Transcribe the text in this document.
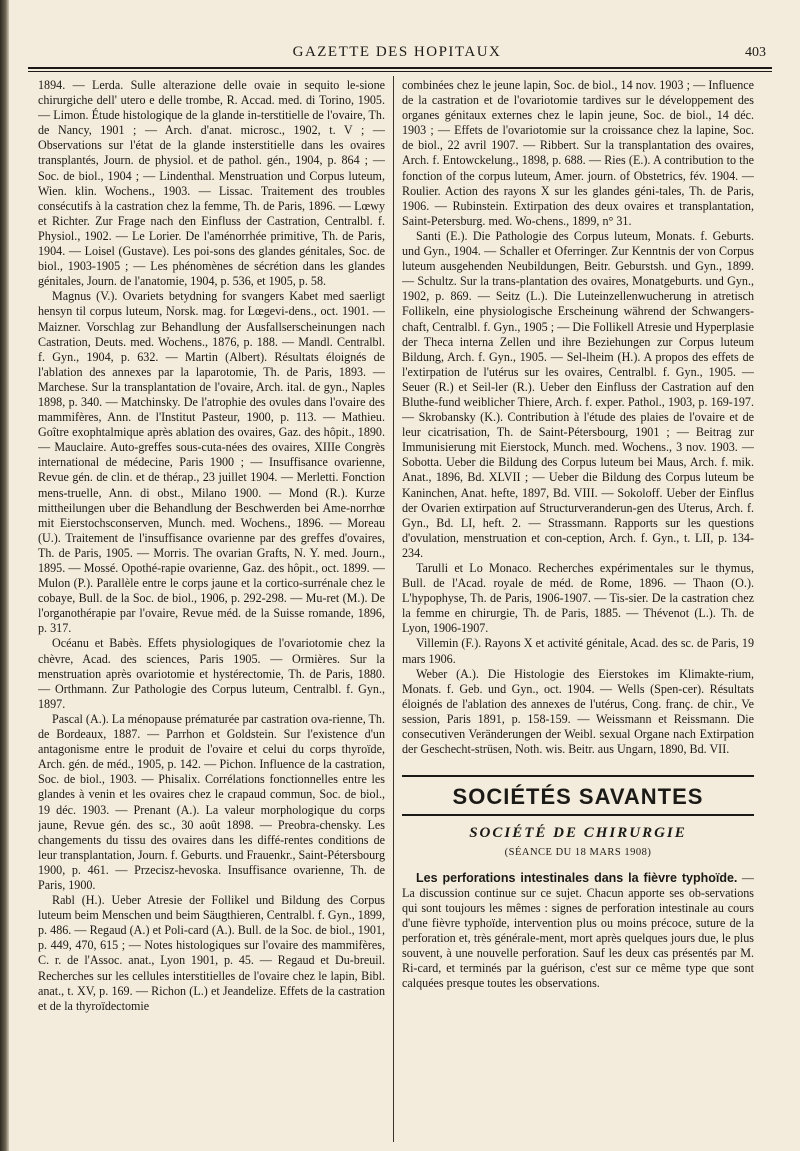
GAZETTE DES HOPITAUX	403

1894. — Lerda. Sulle alterazione delle ovaie in sequito le-sione chirurgiche dell' utero e delle trombe, R. Accad. med. di Torino, 1905. — Limon. Étude histologique de la glande in-terstitielle de l'ovaire, Th. de Nancy, 1901 ; — Arch. d'anat. microsc., 1902, t. V ; — Observations sur l'état de la glande insterstitielle dans les ovaires transplantés, Journ. de physiol. et de pathol. gén., 1904, p. 864 ; — Soc. de biol., 1904 ; — Lindenthal. Menstruation und Corpus luteum, Wien. klin. Wochens., 1903. — Lissac. Traitement des troubles consécutifs à la castration chez la femme, Th. de Paris, 1896. — Lœwy et Richter. Zur Frage nach den Einfluss der Castration, Centralbl. f. Physiol., 1902. — Le Lorier. De l'aménorrhée primitive, Th. de Paris, 1904. — Loisel (Gustave). Les poi-sons des glandes génitales, Soc. de biol., 1903-1905 ; — Les phénomènes de sécrétion dans les glandes génitales, Journ. de l'anatomie, 1904, p. 536, et 1905, p. 58.

Magnus (V.). Ovariets betydning for svangers Kabet med saerligt hensyn til corpus luteum, Norsk. mag. for Lœgevi-dens., oct. 1901. — Maizner. Vorschlag zur Behandlung der Ausfallserscheinungen nach Castration, Deuts. med. Wochens., 1876, p. 188. — Mandl. Centralbl. f. Gyn., 1904, p. 632. — Martin (Albert). Résultats éloignés de l'ablation des annexes par la laparotomie, Th. de Paris, 1893. — Marchese. Sur la transplantation de l'ovaire, Arch. ital. de gyn., Naples 1898, p. 340. — Matchinsky. De l'atrophie des ovules dans l'ovaire des mammifères, Ann. de l'Institut Pasteur, 1900, p. 113. — Mathieu. Goître exophtalmique après ablation des ovaires, Gaz. des hôpit., 1890. — Mauclaire. Auto-greffes sous-cuta-nées des ovaires, XIIIe Congrès international de médecine, Paris 1900 ; — Insuffisance ovarienne, Revue gén. de clin. et de thérap., 23 juillet 1904. — Merletti. Fonction mens-truelle, Ann. di obst., Milano 1900. — Mond (R.). Kurze mittheilungen uber die Behandlung der Beschwerden bei Ame-norrhœ mit Eierstochsconserven, Munch. med. Wochens., 1896. — Moreau (U.). Traitement de l'insuffisance ovarienne par des greffes d'ovaires, Th. de Paris, 1905. — Morris. The ovarian Grafts, N. Y. med. Journ., 1895. — Mossé. Opothé-rapie ovarienne, Gaz. des hôpit., oct. 1899. — Mulon (P.). Parallèle entre le corps jaune et la cortico-surrénale chez le cobaye, Bull. de la Soc. de biol., 1906, p. 292-298. — Mu-ret (M.). De l'organothérapie par l'ovaire, Revue méd. de la Suisse romande, 1896, p. 317.

Océanu et Babès. Effets physiologiques de l'ovariotomie chez la chèvre, Acad. des sciences, Paris 1905. — Ormières. Sur la menstruation après ovariotomie et hystérectomie, Th. de Paris, 1880. — Orthmann. Zur Pathologie des Corpus luteum, Centralbl. f. Gyn., 1897.

Pascal (A.). La ménopause prématurée par castration ova-rienne, Th. de Bordeaux, 1887. — Parrhon et Goldstein. Sur l'existence d'un antagonisme entre le produit de l'ovaire et celui du corps thyroïde, Arch. gén. de méd., 1905, p. 142. — Pichon. Influence de la castration, Soc. de biol., 1903. — Phisalix. Corrélations fonctionnelles entre les glandes à venin et les ovaires chez le crapaud commun, Soc. de biol., 19 déc. 1903. — Prenant (A.). La valeur morphologique du corps jaune, Revue gén. des sc., 30 août 1898. — Preobra-chensky. Les changements du tissu des ovaires dans les diffé-rentes conditions de leur transplantation, Journ. f. Geburts. und Frauenkr., Saint-Pétersbourg 1900, p. 461. — Przecisz-hevoska. Insuffisance ovarienne, Th. de Paris, 1900.

Rabl (H.). Ueber Atresie der Follikel und Bildung des Corpus luteum beim Menschen und beim Säugthieren, Centralbl. f. Gyn., 1899, p. 486. — Regaud (A.) et Poli-card (A.). Bull. de la Soc. de biol., 1901, p. 449, 470, 615 ; — Notes histologiques sur l'ovaire des mammifères, C. r. de l'Assoc. anat., Lyon 1901, p. 45. — Regaud et Du-breuil. Recherches sur les cellules interstitielles de l'ovaire chez le lapin, Bibl. anat., t. XV, p. 169. — Richon (L.) et Jeandelize. Effets de la castration et de la thyroïdectomie

combinées chez le jeune lapin, Soc. de biol., 14 nov. 1903 ; — Influence de la castration et de l'ovariotomie tardives sur le développement des organes génitaux externes chez le lapin jeune, Soc. de biol., 14 déc. 1903 ; — Effets de l'ovariotomie sur la croissance chez la lapine, Soc. de biol., 22 avril 1907. — Ribbert. Sur la transplantation des ovaires, Arch. f. Entowckelung., 1898, p. 688. — Ries (E.). A contribution to the fonction of the corpus luteum, Amer. journ. of Obstetrics, fév. 1904. — Roulier. Action des rayons X sur les glandes géni-tales, Th. de Paris, 1906. — Rubinstein. Extirpation des deux ovaires et transplantation, Saint-Petersburg. med. Wo-chens., 1899, n° 31.

Santi (E.). Die Pathologie des Corpus luteum, Monats. f. Geburts. und Gyn., 1904. — Schaller et Oferringer. Zur Kenntnis der von Corpus luteum ausgehenden Neubildungen, Beitr. Geburstsh. und Gyn., 1899. — Schultz. Sur la trans-plantation des ovaires, Monatgeburts. und Gyn., 1902, p. 869. — Seitz (L.). Die Luteinzellenwucherung in atretisch Follikeln, eine physiologische Erscheinung während der Schwangers-chaft, Centralbl. f. Gyn., 1905 ; — Die Follikell Atresie und Hyperplasie der Theca interna Zellen und ihre Beziehungen zur Corpus luteum Bildung, Arch. f. Gyn., 1905. — Sel-lheim (H.). A propos des effets de l'extirpation de l'utérus sur les ovaires, Centralbl. f. Gyn., 1905. — Seuer (R.) et Seil-ler (R.). Ueber den Einfluss der Castration auf den Bluthe-fund weiblicher Thiere, Arch. f. exper. Pathol., 1903, p. 169-197. — Skrobansky (K.). Contribution à l'étude des plaies de l'ovaire et de leur cicatrisation, Th. de Saint-Pétersbourg, 1901 ; — Beitrag zur Immunisierung mit Eierstock, Munch. med. Wochens., 3 nov. 1903. — Sobotta. Ueber die Bildung des Corpus luteum bei Maus, Arch. f. mik. Anat., 1896, Bd. XLVII ; — Ueber die Bildung des Corpus luteum be Kaninchen, Anat. hefte, 1897, Bd. VIII. — Sokoloff. Ueber der Einflus der Ovarien extirpation auf Structurveranderun-gen des Uterus, Arch. f. Gyn., Bd. LI, heft. 2. — Strassmann. Rapports sur les questions d'ovulation, menstruation et con-ception, Arch. f. Gyn., t. LII, p. 134-234.

Tarulli et Lo Monaco. Recherches expérimentales sur le thymus, Bull. de l'Acad. royale de méd. de Rome, 1896. — Thaon (O.). L'hypophyse, Th. de Paris, 1906-1907. — Tis-sier. De la castration chez la femme en chirurgie, Th. de Paris, 1885. — Thévenot (L.). Th. de Lyon, 1906-1907.

Villemin (F.). Rayons X et activité génitale, Acad. des sc. de Paris, 19 mars 1906.

Weber (A.). Die Histologie des Eierstokes im Klimakte-rium, Monats. f. Geb. und Gyn., oct. 1904. — Wells (Spen-cer). Résultats éloignés de l'ablation des annexes de l'utérus, Cong. franç. de chir., Ve session, Paris 1891, p. 158-159. — Weissmann et Reissmann. Die consecutiven Veränderungen der Weibl. sexual Organe nach Extirpation der Geschecht-strüsen, Noth. wis. Beitr. aus Ungarn, 1890, Bd. VII.

SOCIÉTÉS SAVANTES
SOCIÉTÉ DE CHIRURGIE
(SÉANCE DU 18 MARS 1908)

Les perforations intestinales dans la fièvre typhoïde. — La discussion continue sur ce sujet. Chacun apporte ses ob-servations qui sont toujours les mêmes : signes de perforation intestinale au cours d'une fièvre typhoïde, intervention plus ou moins précoce, suture de la perforation et, très générale-ment, mort après quelques jours due, le plus souvent, à une nouvelle perforation. Sauf les deux cas présentés par M. Ri-card, et terminés par la guérison, c'est sur ce même type que sont calquées presque toutes les observations.
